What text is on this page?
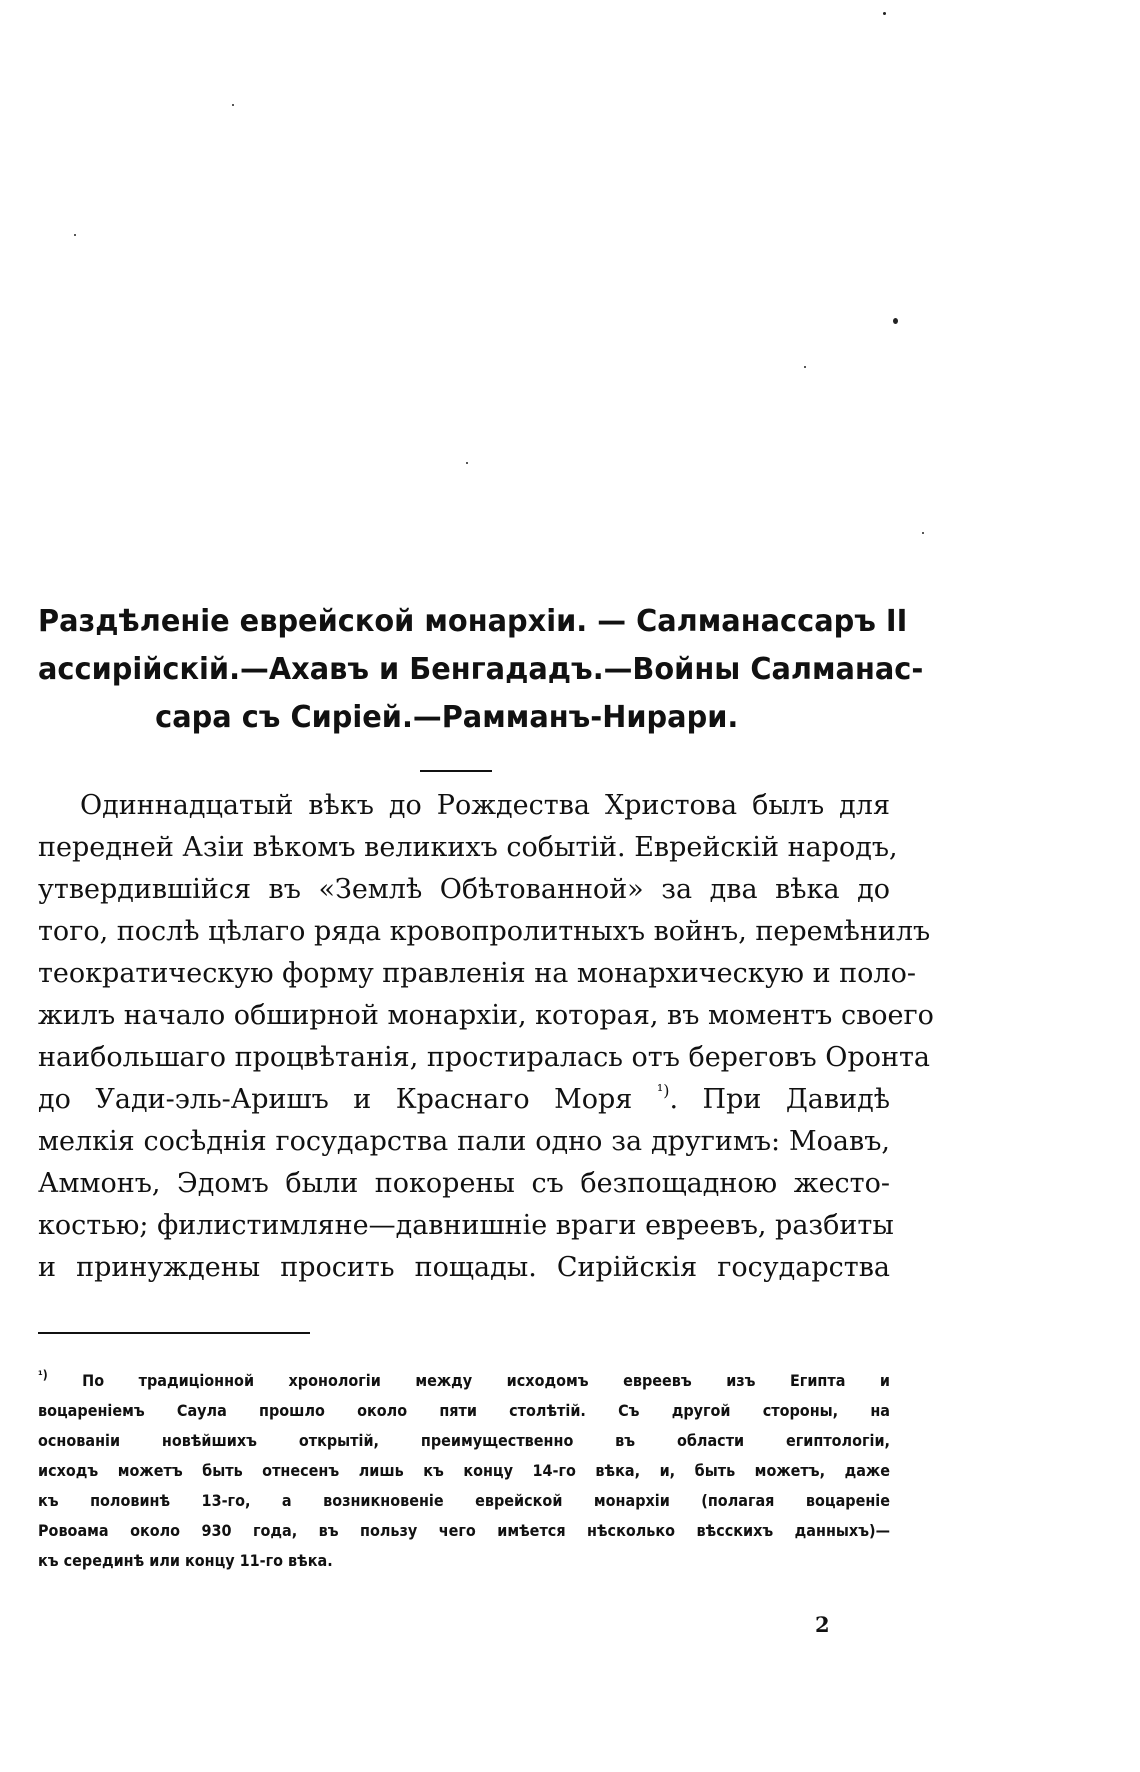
Раздѣленіе еврейской монархіи. — Салманассаръ II
ассирійскій.—Ахавъ и Бенгададъ.—Войны Салманас-
сара съ Сиріей.—Рамманъ-Нирари.
Одиннадцатый вѣкъ до Рождества Христова былъ для
передней Азіи вѣкомъ великихъ событій. Еврейскій народъ,
утвердившійся въ «Землѣ Обѣтованной» за два вѣка до
того, послѣ цѣлаго ряда кровопролитныхъ войнъ, перемѣнилъ
теократическую форму правленія на монархическую и поло-
жилъ начало обширной монархіи, которая, въ моментъ своего
наибольшаго процвѣтанія, простиралась отъ береговъ Оронта
до Уади-эль-Аришъ и Краснаго Моря $^{^1)}$. При Давидѣ
мелкія сосѣднія государства пали одно за другимъ: Моавъ,
Аммонъ, Эдомъ были покорены съ безпощадною жесто-
костью; филистимляне—давнишніе враги евреевъ, разбиты
и принуждены просить пощады. Сирійскія государства
$^{^1)}$ По традиціонной хронологіи между исходомъ евреевъ изъ Египта и
воцареніемъ Саула прошло около пяти столѣтій. Съ другой стороны, на
основаніи новѣйшихъ открытій, преимущественно въ области египтологіи,
исходъ можетъ быть отнесенъ лишь къ концу 14-го вѣка, и, быть можетъ, даже
къ половинѣ 13-го, а возникновеніе еврейской монархіи (полагая воцареніе
Ровоама около 930 года, въ пользу чего имѣется нѣсколько вѣсскихъ данныхъ)—
къ серединѣ или концу 11-го вѣка.
2
